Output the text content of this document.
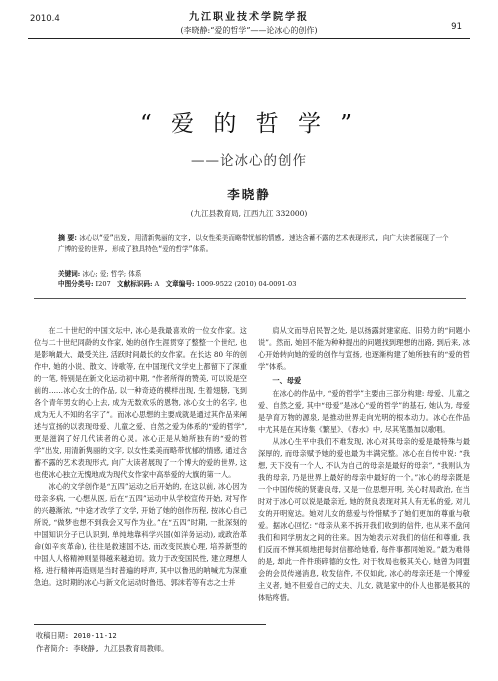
2010.4	九江职业技术学院学报
(李晓静:“爱的哲学”——论冰心的创作)	91
“ 爱 的 哲 学 ”
——论冰心的创作
李晓静
(九江县教育局, 江西九江 332000)
摘 要: 冰心以“爱”出发, 用清新隽丽的文字, 以女性柔美而略带忧郁的情感, 速达含蓄不露的艺术表现形式, 向广大读者展现了一个广博的爱的世界, 形成了独具特色“爱的哲学”体系。
关键词: 冰心; 爱; 哲学; 体系
中图分类号: I207 文献标识码: A 文章编号: 1009-9522 (2010) 04-0091-03

在二十世纪的中国文坛中, 冰心是我最喜欢的一位女作家。这位与二十世纪同龄的女作家, 她的创作生涯贯穿了整整一个世纪, 也是影响最大、最受关注, 活跃时间最长的女作家。在长达 80 年的创作中, 她的小说、散文、诗歌等, 在中国现代文学史上都留下了深重的一笔, 特别是在新文化运动初中期, “作者所得的赞美, 可以说是空前的……冰心女士的作品, 以一种奇迹的模样出现, 生着翅膀, 飞到各个青年男女的心上去, 成为无数欢乐的恩物, 冰心女士的名字, 也成为无人不知的名字了”。而冰心思想的主要成就是通过其作品来阐述与宣扬的以表现母爱、儿童之爱、自然之爱为体系的“爱的哲学”, 更是滋润了好几代读者的心灵。冰心正是从她所独有的“爱的哲学”出发, 用清新隽丽的文字, 以女性柔美而略带忧郁的情感, 通过含蓄不露的艺术表现形式, 向广大读者展现了一个博大的爱的世界, 这也使冰心独立无愧地成为现代女作家中高举爱的大旗的第一人。

冰心的文学创作是“五四”运动之后开始的, 在这以前, 冰心因为母亲多病, 一心想从医, 后在“五四”运动中从学校宣传开始, 对写作的兴趣渐浓, “中途才改学了文学, 开始了她的创作历程, 按冰心自己所说, “做梦也想不到我会又写作为业。”在“五四”时期, 一批深刻的中国知识分子已认识到, 单纯地靠科学兴国(如洋务运动), 或政治革命(如辛亥革命), 往往是救速国不达, 而改变民族心理, 培养新型的中国人人格精神则显得越来越迫切。致力于改变国民性, 建立理想人格, 进行精神再造则是当时普遍的呼声, 其中以鲁迅的呐喊尤为深重急迫。这时期的冰心与新文化运动时鲁迅、郭沫若等有志之士并

肩从文而导启民智之处, 是以扬露封建家庭、旧势力的“问题小说”。然而, 她回不能为种种提出的问题找到理想的出路, 到后来, 冰心开始转向她的爱的创作与宣扬, 也逐渐构建了她所独有的“爱的哲学”体系。

一、母爱

在冰心的作品中, “爱的哲学”主要由三部分构建: 母爱、儿童之爱、自然之爱, 其中“母爱”是冰心“爱的哲学”的基石, 她认为, 母爱是孕育万物的源泉, 是推动世界走向光明的根本动力。冰心在作品中尤其是在其诗集《繁星》、《春水》中, 尽其笔墨加以歌唱。

从冰心生平中我们不难发现, 冰心对其母亲的爱是最特殊与最深厚的, 而母亲赋予她的爱也最为丰满完整。冰心在自传中说: “我想, 天下没有一个人, 不认为自己的母亲是最好的母亲”, “我则认为我的母亲, 乃是世界上最好的母亲中最好的一个。”冰心的母亲既是一个中国传统的贤妻良母, 又是一位思想开明, 关心时局政治, 在当时对于冰心可以说是最亲近, 她的贤良表现对其人有无私的爱, 对儿女的开明宽达。她对儿女的慈爱与怜惜赋予了她们更加的尊重与敬爱。据冰心回忆: “母亲从来不拆开我们收到的信件, 也从来不盘问我们和同学朋友之间的往来。因为她表示对我们的信任和尊重, 我们反而不惮其烦地把每封信都给她看, 每件事都同她说。”最为难得的是, 却此一件件琐碎德的女性, 对于牧局也极其关心, 她曾为同盟会的会员传递消息, 收发信件, 不仅如此, 冰心的母亲还是一个博爱主义者, 她不但爱自己的丈夫、儿女, 就是家中的仆人也都是极其的体贴疼惜。

收稿日期: 2010-11-12
作者简介: 李晓静, 九江县教育局教师。
